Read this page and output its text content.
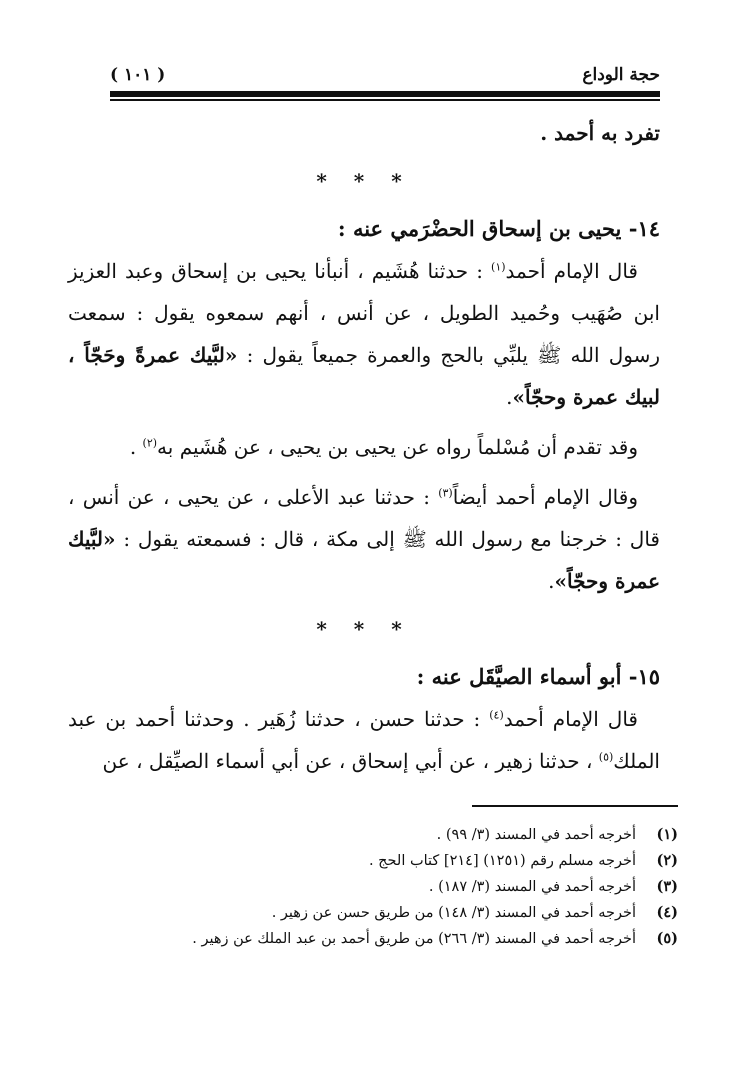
حجة الوداع
( ١٠١ )

تفرد به أحمد .

* * *

١٤- يحيى بن إسحاق الحضْرَمي عنه :

قال الإمام أحمد$^{(١)}$ : حدثنا هُشَيم ، أنبأنا يحيى بن إسحاق وعبد العزيز ابن صُهَيب وحُميد الطويل ، عن أنس ، أنهم سمعوه يقول : سمعت رسول الله ﷺ يلبِّي بالحج والعمرة جميعاً يقول : «لبَّيك عمرةً وحَجّاً ، لبيك عمرة وحجّاً».

وقد تقدم أن مُسْلماً رواه عن يحيى بن يحيى ، عن هُشَيم به$^{(٢)}$ .

وقال الإمام أحمد أيضاً$^{(٣)}$ : حدثنا عبد الأعلى ، عن يحيى ، عن أنس ، قال : خرجنا مع رسول الله ﷺ إلى مكة ، قال : فسمعته يقول : «لبَّيك عمرة وحجّاً».

* * *

١٥- أبو أسماء الصيَّقَل عنه :

قال الإمام أحمد$^{(٤)}$ : حدثنا حسن ، حدثنا زُهَير . وحدثنا أحمد بن عبد الملك$^{(٥)}$ ، حدثنا زهير ، عن أبي إسحاق ، عن أبي أسماء الصيِّقل ، عن

(١)
أخرجه أحمد في المسند (٣/ ٩٩) .
(٢)
أخرجه مسلم رقم (١٢٥١) [٢١٤] كتاب الحج .
(٣)
أخرجه أحمد في المسند (٣/ ١٨٧) .
(٤)
أخرجه أحمد في المسند (٣/ ١٤٨) من طريق حسن عن زهير .
(٥)
أخرجه أحمد في المسند (٣/ ٢٦٦) من طريق أحمد بن عبد الملك عن زهير .
